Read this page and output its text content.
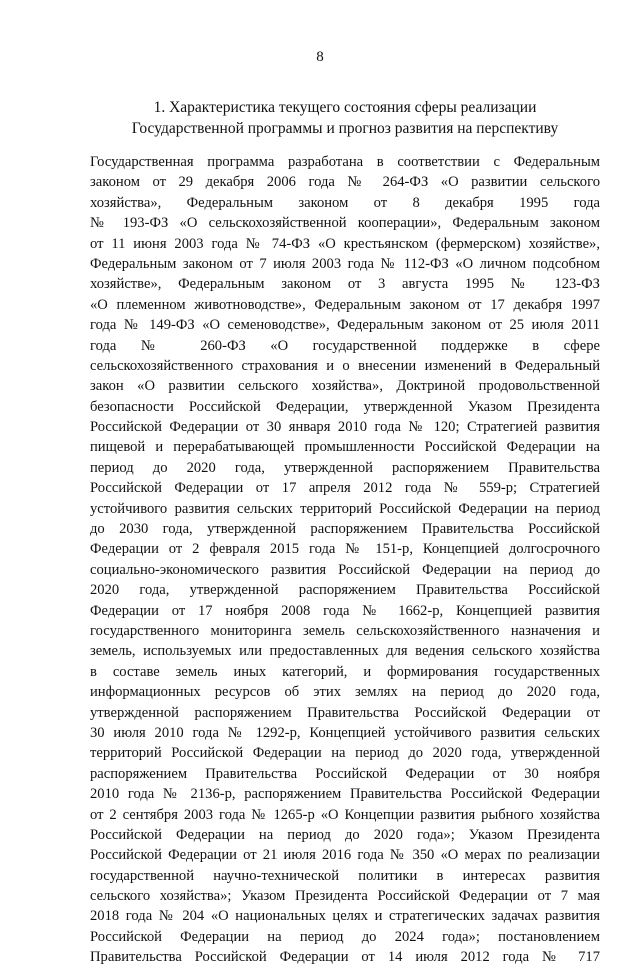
8
1. Характеристика текущего состояния сферы реализации
Государственной программы и прогноз развития на перспективу
Государственная программа разработана в соответствии с Федеральным
законом от 29 декабря 2006 года № 264-ФЗ «О развитии сельского
хозяйства», Федеральным законом от 8 декабря 1995 года
№ 193-ФЗ «О сельскохозяйственной кооперации», Федеральным законом
от 11 июня 2003 года № 74-ФЗ «О крестьянском (фермерском) хозяйстве»,
Федеральным законом от 7 июля 2003 года № 112-ФЗ «О личном подсобном
хозяйстве», Федеральным законом от 3 августа 1995 № 123-ФЗ
«О племенном животноводстве», Федеральным законом от 17 декабря 1997
года № 149-ФЗ «О семеноводстве», Федеральным законом от 25 июля 2011
года № 260-ФЗ «О государственной поддержке в сфере
сельскохозяйственного страхования и о внесении изменений в Федеральный
закон «О развитии сельского хозяйства», Доктриной продовольственной
безопасности Российской Федерации, утвержденной Указом Президента
Российской Федерации от 30 января 2010 года № 120; Стратегией развития
пищевой и перерабатывающей промышленности Российской Федерации на
период до 2020 года, утвержденной распоряжением Правительства
Российской Федерации от 17 апреля 2012 года № 559-р; Стратегией
устойчивого развития сельских территорий Российской Федерации на период
до 2030 года, утвержденной распоряжением Правительства Российской
Федерации от 2 февраля 2015 года № 151-р, Концепцией долгосрочного
социально-экономического развития Российской Федерации на период до
2020 года, утвержденной распоряжением Правительства Российской
Федерации от 17 ноября 2008 года № 1662-р, Концепцией развития
государственного мониторинга земель сельскохозяйственного назначения и
земель, используемых или предоставленных для ведения сельского хозяйства
в составе земель иных категорий, и формирования государственных
информационных ресурсов об этих землях на период до 2020 года,
утвержденной распоряжением Правительства Российской Федерации от
30 июля 2010 года № 1292-р, Концепцией устойчивого развития сельских
территорий Российской Федерации на период до 2020 года, утвержденной
распоряжением Правительства Российской Федерации от 30 ноября
2010 года № 2136-р, распоряжением Правительства Российской Федерации
от 2 сентября 2003 года № 1265-р «О Концепции развития рыбного хозяйства
Российской Федерации на период до 2020 года»; Указом Президента
Российской Федерации от 21 июля 2016 года № 350 «О мерах по реализации
государственной научно-технической политики в интересах развития
сельского хозяйства»; Указом Президента Российской Федерации от 7 мая
2018 года № 204 «О национальных целях и стратегических задачах развития
Российской Федерации на период до 2024 года»; постановлением
Правительства Российской Федерации от 14 июля 2012 года № 717
